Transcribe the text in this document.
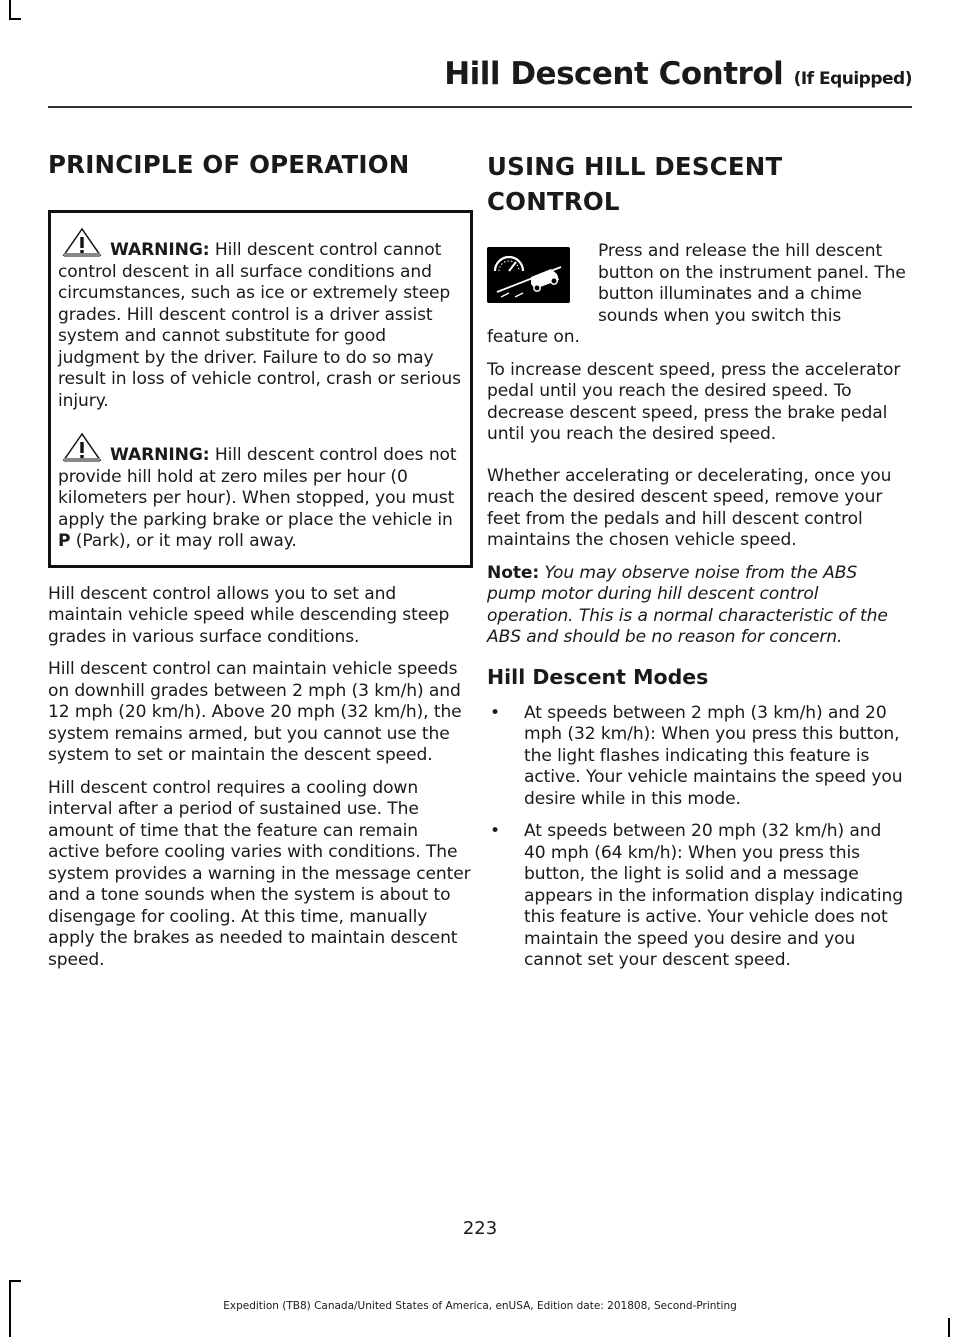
Hill Descent Control (If Equipped)
PRINCIPLE OF OPERATION

WARNING: Hill descent control cannot control descent in all surface conditions and circumstances, such as ice or extremely steep grades. Hill descent control is a driver assist system and cannot substitute for good judgment by the driver. Failure to do so may result in loss of vehicle control, crash or serious injury.

WARNING: Hill descent control does not provide hill hold at zero miles per hour (0 kilometers per hour). When stopped, you must apply the parking brake or place the vehicle in P (Park), or it may roll away.

Hill descent control allows you to set and maintain vehicle speed while descending steep grades in various surface conditions.

Hill descent control can maintain vehicle speeds on downhill grades between 2 mph (3 km/h) and 12 mph (20 km/h). Above 20 mph (32 km/h), the system remains armed, but you cannot use the system to set or maintain the descent speed.

Hill descent control requires a cooling down interval after a period of sustained use. The amount of time that the feature can remain active before cooling varies with conditions. The system provides a warning in the message center and a tone sounds when the system is about to disengage for cooling. At this time, manually apply the brakes as needed to maintain descent speed.

USING HILL DESCENT
CONTROL

Press and release the hill descent button on the instrument panel. The button illuminates and a chime sounds when you switch this feature on.

To increase descent speed, press the accelerator pedal until you reach the desired speed. To decrease descent speed, press the brake pedal until you reach the desired speed.

Whether accelerating or decelerating, once you reach the desired descent speed, remove your feet from the pedals and hill descent control maintains the chosen vehicle speed.

Note: You may observe noise from the ABS pump motor during hill descent control operation. This is a normal characteristic of the ABS and should be no reason for concern.

Hill Descent Modes
• At speeds between 2 mph (3 km/h) and 20 mph (32 km/h): When you press this button, the light flashes indicating this feature is active. Your vehicle maintains the speed you desire while in this mode.
• At speeds between 20 mph (32 km/h) and 40 mph (64 km/h): When you press this button, the light is solid and a message appears in the information display indicating this feature is active. Your vehicle does not maintain the speed you desire and you cannot set your descent speed.
223
Expedition (TB8) Canada/United States of America, enUSA, Edition date: 201808, Second-Printing
